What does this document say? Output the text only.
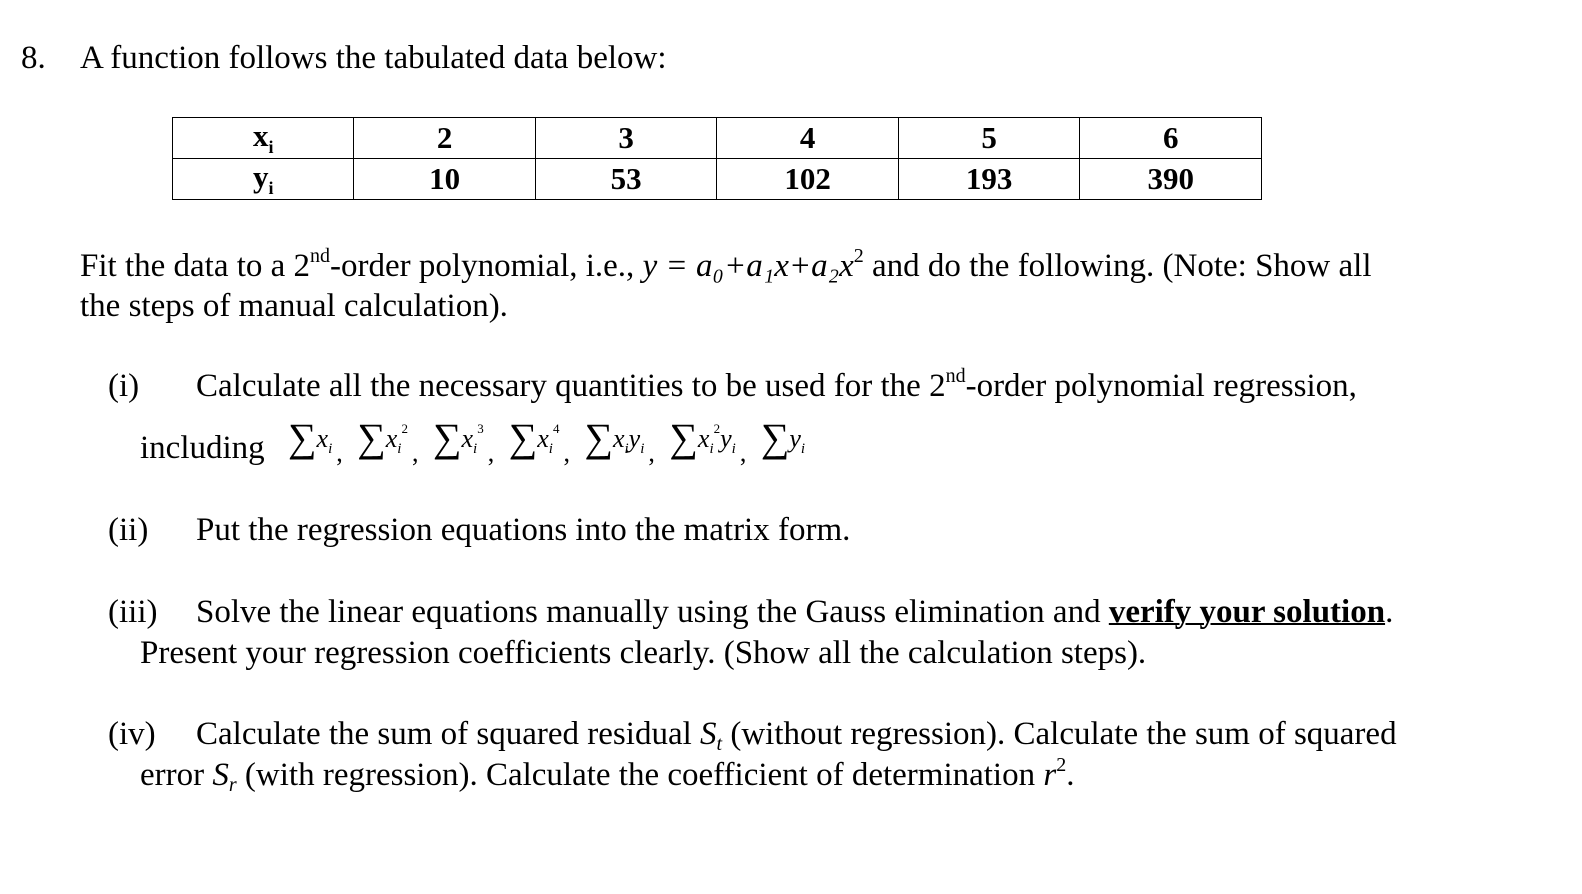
8. A function follows the tabulated data below:
$x_i$	2	3	4	5	6
$y_i$	10	53	102	193	390
Fit the data to a 2nd-order polynomial, i.e., $y = a_0+a_1x+a_2x^2$ and do the following. (Note: Show all
the steps of manual calculation).
(i) Calculate all the necessary quantities to be used for the 2nd-order polynomial regression,
including $\sum x_i$ , $\sum x_i^2$, $\sum x_i^3$, $\sum x_i^4$, $\sum x_iy_i$ , $\sum x_i^2y_i$ , $\sum y_i$
(ii) Put the regression equations into the matrix form.
(iii) Solve the linear equations manually using the Gauss elimination and verify your solution.
Present your regression coefficients clearly. (Show all the calculation steps).
(iv) Calculate the sum of squared residual $S_t$ (without regression). Calculate the sum of squared
error $S_r$ (with regression). Calculate the coefficient of determination $r^2$.
